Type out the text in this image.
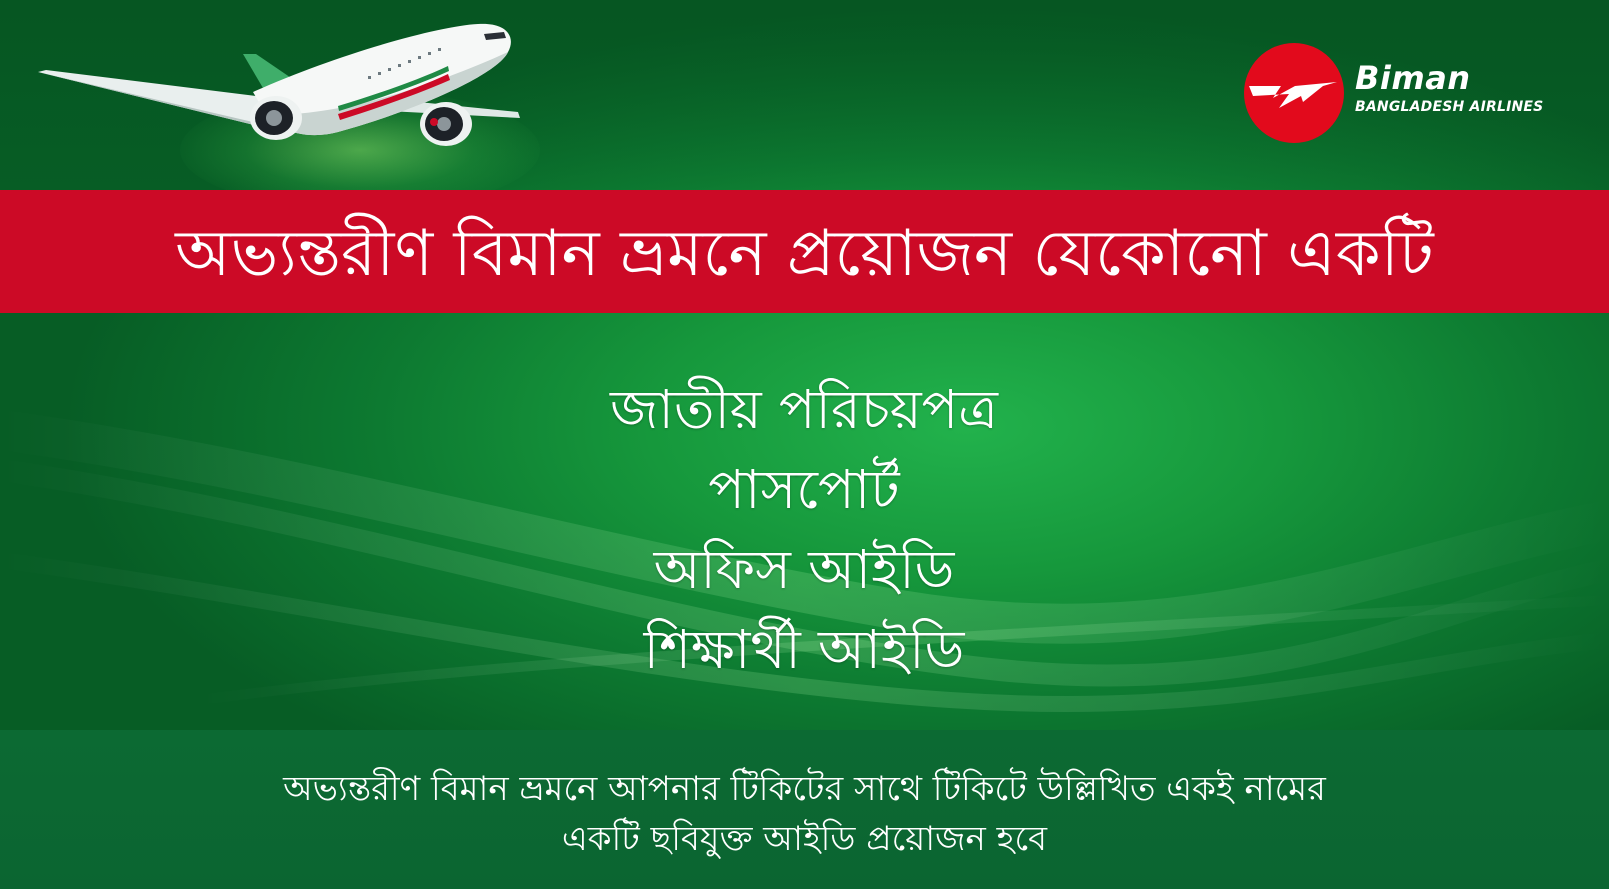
Biman
BANGLADESH AIRLINES
অভ্যন্তরীণ বিমান ভ্রমনে প্রয়োজন যেকোনো একটি
জাতীয় পরিচয়পত্র
পাসপোর্ট
অফিস আইডি
শিক্ষার্থী আইডি
অভ্যন্তরীণ বিমান ভ্রমনে আপনার টিকিটের সাথে টিকিটে উল্লিখিত একই নামের
একটি ছবিযুক্ত আইডি প্রয়োজন হবে
